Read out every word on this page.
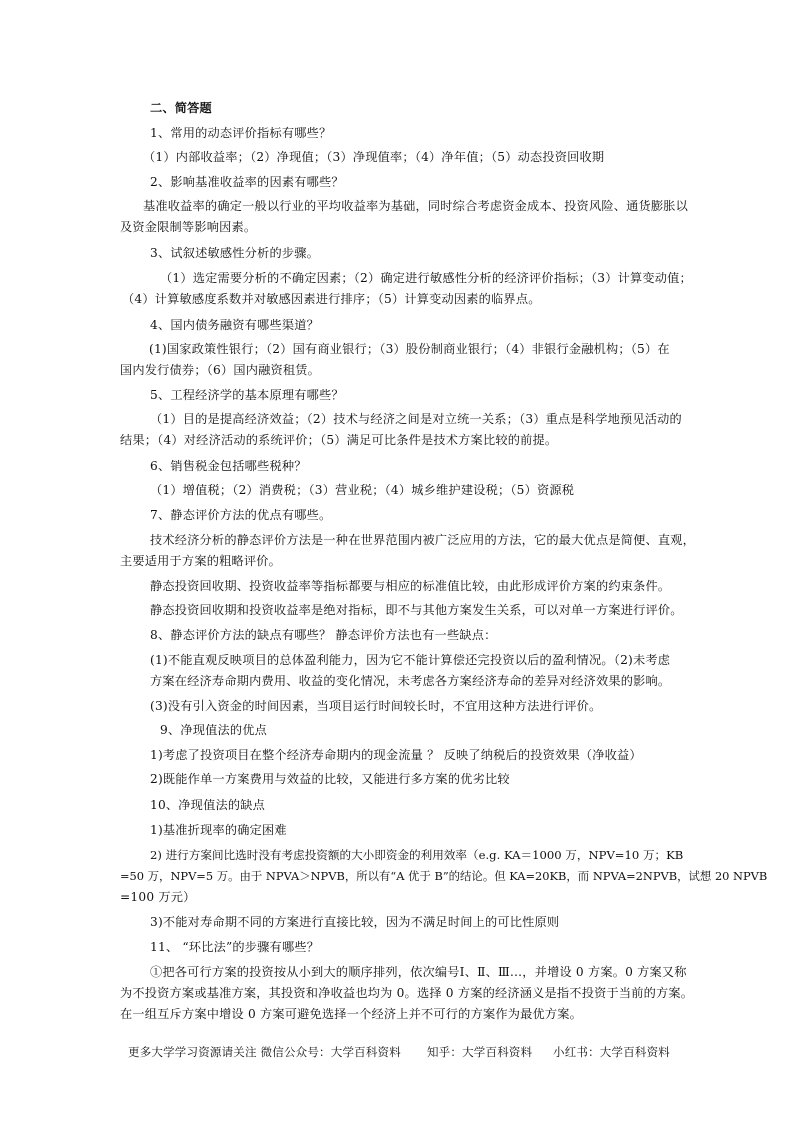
二、简答题
1、常用的动态评价指标有哪些？
（1）内部收益率；（2）净现值；（3）净现值率；（4）净年值；（5）动态投资回收期
2、影响基准收益率的因素有哪些？
基准收益率的确定一般以行业的平均收益率为基础，同时综合考虑资金成本、投资风险、通货膨胀以
及资金限制等影响因素。
3、试叙述敏感性分析的步骤。
（1）选定需要分析的不确定因素；（2）确定进行敏感性分析的经济评价指标；（3）计算变动值；
（4）计算敏感度系数并对敏感因素进行排序；（5）计算变动因素的临界点。
4、国内债务融资有哪些渠道？
(1)国家政策性银行；（2）国有商业银行；（3）股份制商业银行；（4）非银行金融机构；（5）在
国内发行债券；（6）国内融资租赁。
5、工程经济学的基本原理有哪些？
（1）目的是提高经济效益；（2）技术与经济之间是对立统一关系；（3）重点是科学地预见活动的
结果；（4）对经济活动的系统评价；（5）满足可比条件是技术方案比较的前提。
6、销售税金包括哪些税种？
（1）增值税；（2）消费税；（3）营业税；（4）城乡维护建设税；（5）资源税
7、静态评价方法的优点有哪些。
技术经济分析的静态评价方法是一种在世界范围内被广泛应用的方法，它的最大优点是简便、直观，
主要适用于方案的粗略评价。
静态投资回收期、投资收益率等指标都要与相应的标准值比较，由此形成评价方案的约束条件。
静态投资回收期和投资收益率是绝对指标，即不与其他方案发生关系，可以对单一方案进行评价。
8、静态评价方法的缺点有哪些？ 静态评价方法也有一些缺点：
(1)不能直观反映项目的总体盈利能力，因为它不能计算偿还完投资以后的盈利情况。（2)未考虑
方案在经济寿命期内费用、收益的变化情况，未考虑各方案经济寿命的差异对经济效果的影响。
(3)没有引入资金的时间因素，当项目运行时间较长时，不宜用这种方法进行评价。
9、净现值法的优点
1)考虑了投资项目在整个经济寿命期内的现金流量 ？ 反映了纳税后的投资效果（净收益）
2)既能作单一方案费用与效益的比较，又能进行多方案的优劣比较
10、净现值法的缺点
1)基准折现率的确定困难
2) 进行方案间比选时没有考虑投资额的大小即资金的利用效率（e.g. KA＝1000 万，NPV=10 万；KB
=50 万，NPV=5 万。由于 NPVA＞NPVB，所以有“A 优于 B”的结论。但 KA=20KB，而 NPVA=2NPVB，试想 20 NPVB
=100 万元）
3)不能对寿命期不同的方案进行直接比较，因为不满足时间上的可比性原则
11、 “环比法”的步骤有哪些？
①把各可行方案的投资按从小到大的顺序排列，依次编号Ⅰ、Ⅱ、Ⅲ…，并增设 0 方案。0 方案又称
为不投资方案或基准方案，其投资和净收益也均为 0。选择 0 方案的经济涵义是指不投资于当前的方案。
在一组互斥方案中增设 0 方案可避免选择一个经济上并不可行的方案作为最优方案。
更多大学学习资源请关注 微信公众号：大学百科资料 知乎：大学百科资料 小红书：大学百科资料
